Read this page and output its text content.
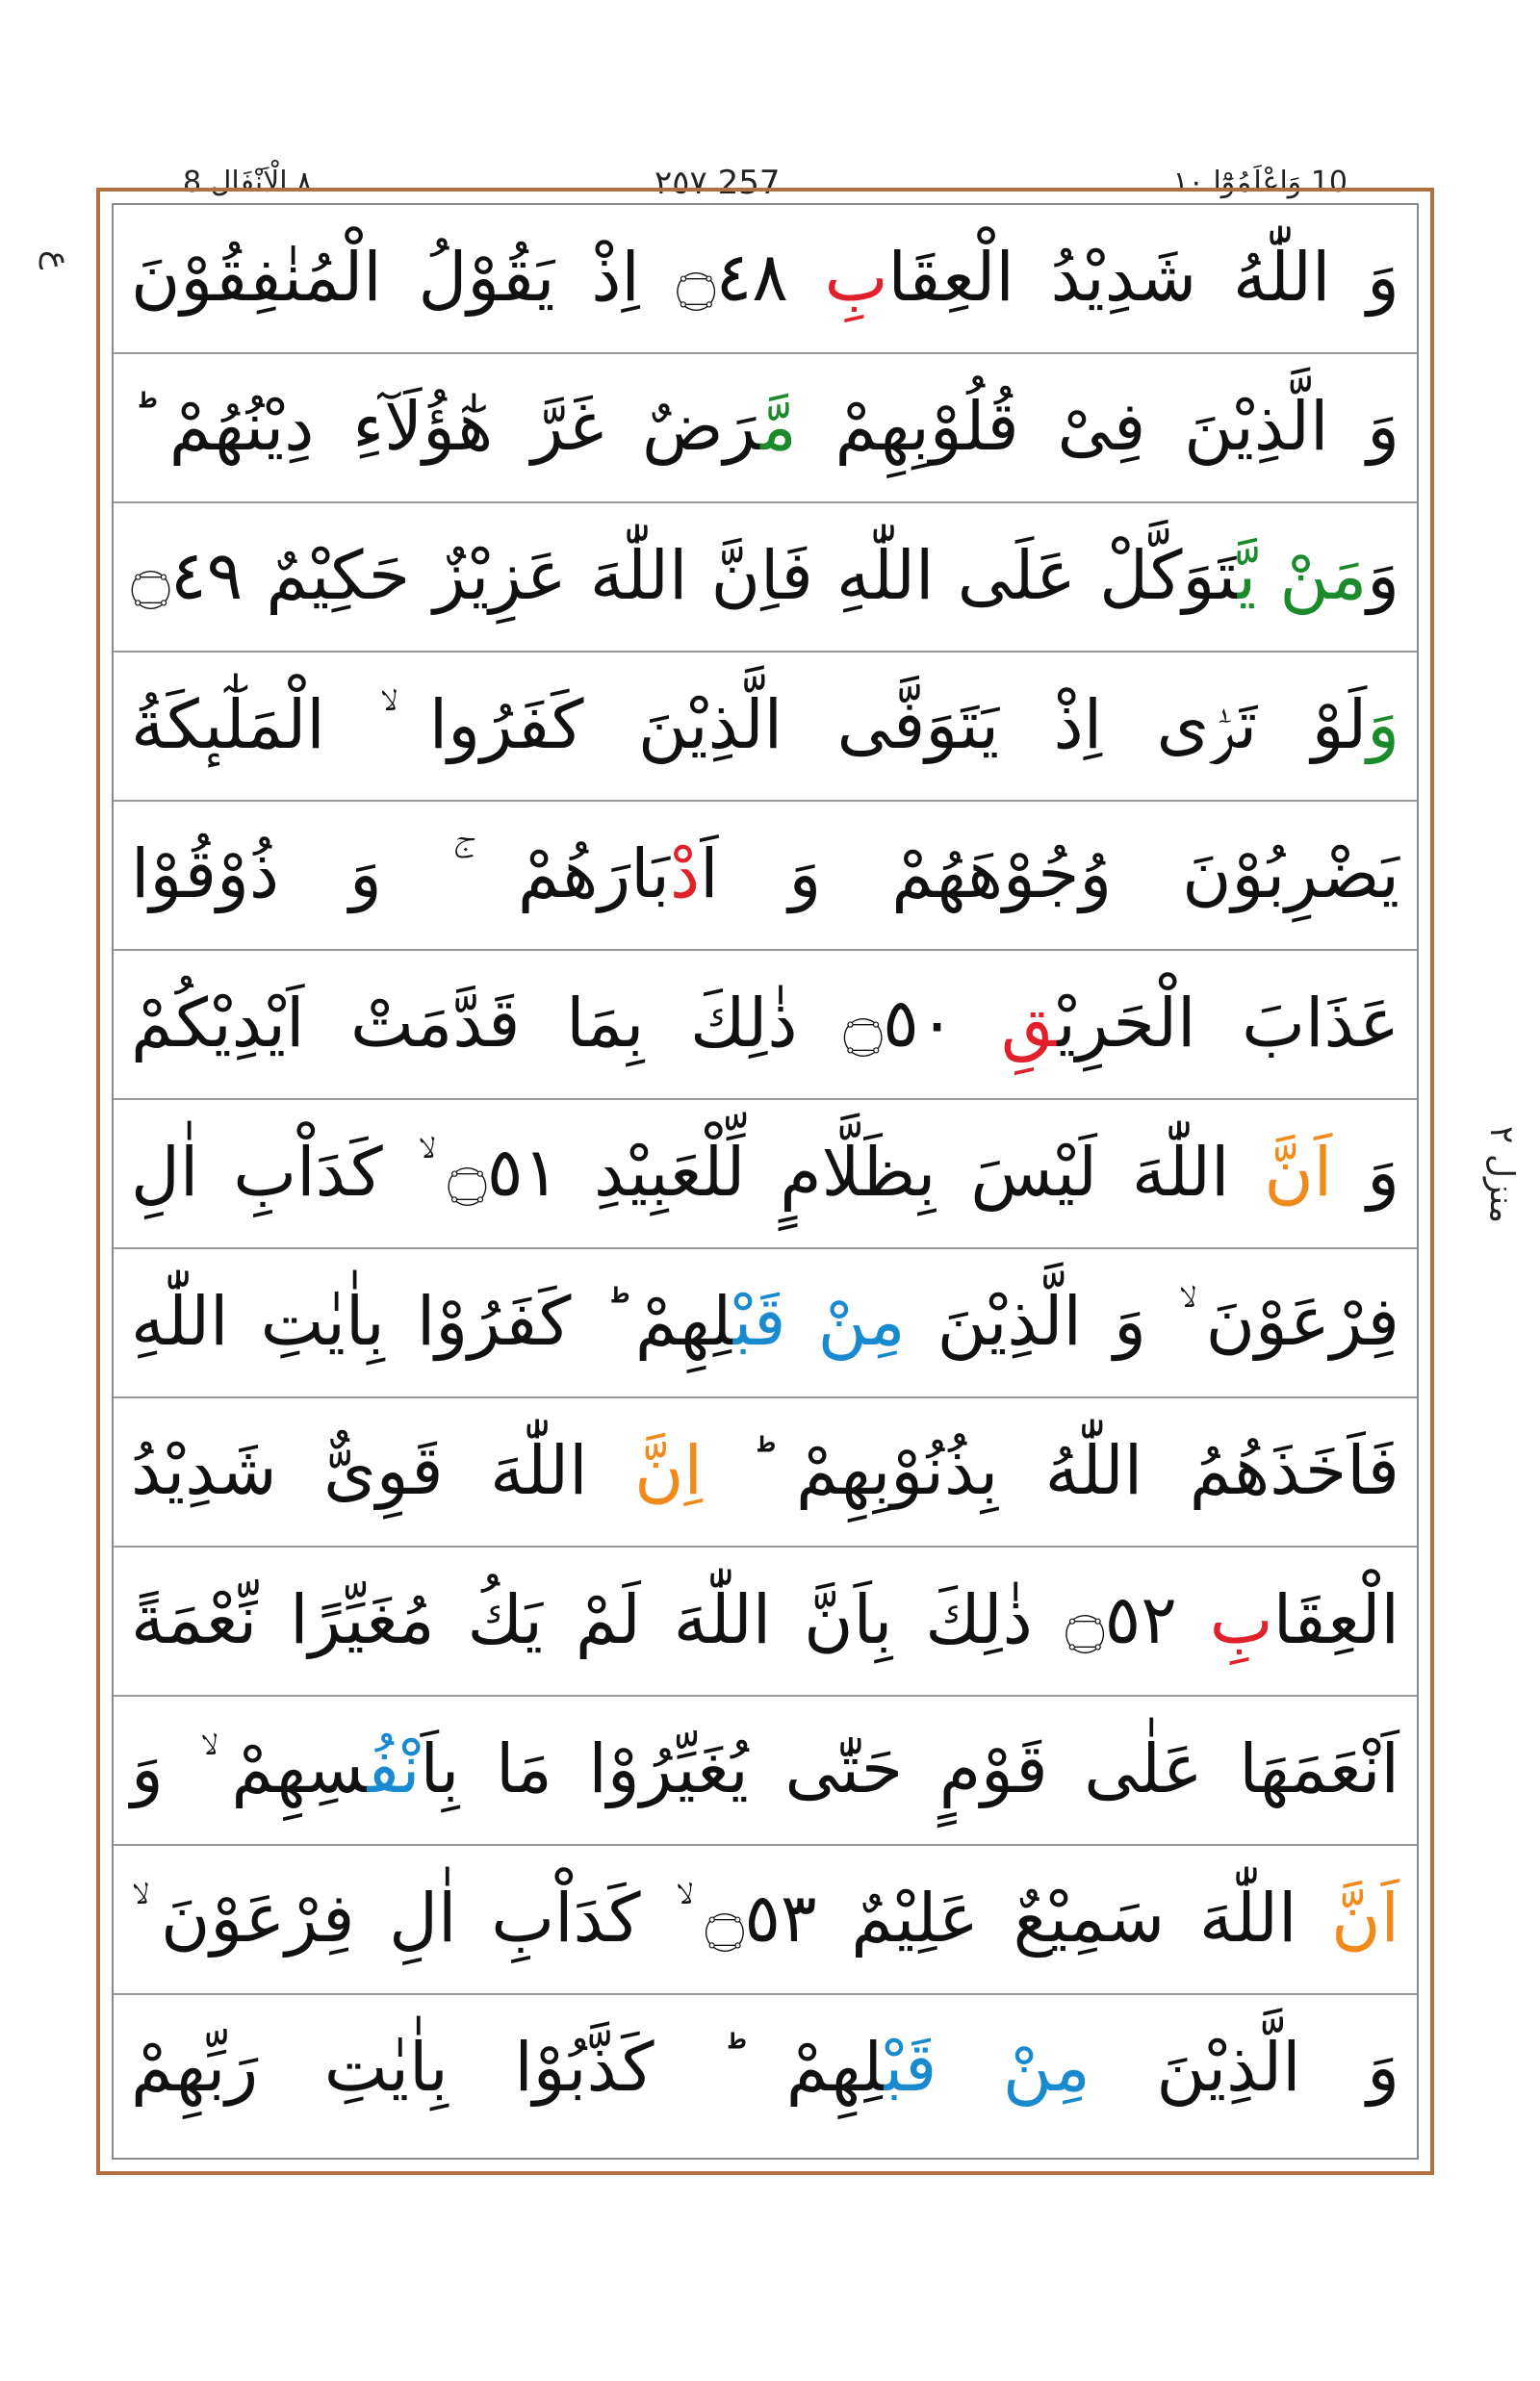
٨ الْاَنْفَال 8	257 ٢٥٧	10 وَاعْلَمُوْٓا ١٠
ع
منزل ٢
وَ اللّٰهُ شَدِیْدُ الْعِقَابِ ۝٤٨ اِذْ یَقُوْلُ الْمُنٰفِقُوْنَ
وَ الَّذِیْنَ فِیْ قُلُوْبِهِمْ مَّرَضٌ غَرَّ هٰٓؤُلَآءِ دِیْنُهُمْ ؕ
وَمَنْ یَّتَوَكَّلْ عَلَى اللّٰهِ فَاِنَّ اللّٰهَ عَزِیْزٌ حَكِیْمٌ ۝٤٩
وَلَوْ تَرٰۤى اِذْ یَتَوَفَّى الَّذِیْنَ كَفَرُوا ۙ الْمَلٰٓىٕكَةُ
یَضْرِبُوْنَ وُجُوْهَهُمْ وَ اَدْبَارَهُمْ ۚ وَ ذُوْقُوْا
عَذَابَ الْحَرِیْقِ ۝٥٠ ذٰلِكَ بِمَا قَدَّمَتْ اَیْدِیْكُمْ
وَ اَنَّ اللّٰهَ لَیْسَ بِظَلَّامٍ لِّلْعَبِیْدِ ۝٥١ ۙ كَدَاْبِ اٰلِ
فِرْعَوْنَ ۙ وَ الَّذِیْنَ مِنْ قَبْلِهِمْ ؕ كَفَرُوْا بِاٰیٰتِ اللّٰهِ
فَاَخَذَهُمُ اللّٰهُ بِذُنُوْبِهِمْ ؕ اِنَّ اللّٰهَ قَوِیٌّ شَدِیْدُ
الْعِقَابِ ۝٥٢ ذٰلِكَ بِاَنَّ اللّٰهَ لَمْ یَكُ مُغَیِّرًا نِّعْمَةً
اَنْعَمَهَا عَلٰى قَوْمٍ حَتّٰى یُغَیِّرُوْا مَا بِاَنْفُسِهِمْ ۙ وَ
اَنَّ اللّٰهَ سَمِیْعٌ عَلِیْمٌ ۝٥٣ ۙ كَدَاْبِ اٰلِ فِرْعَوْنَ ۙ
وَ الَّذِیْنَ مِنْ قَبْلِهِمْ ؕ كَذَّبُوْا بِاٰیٰتِ رَبِّهِمْ
